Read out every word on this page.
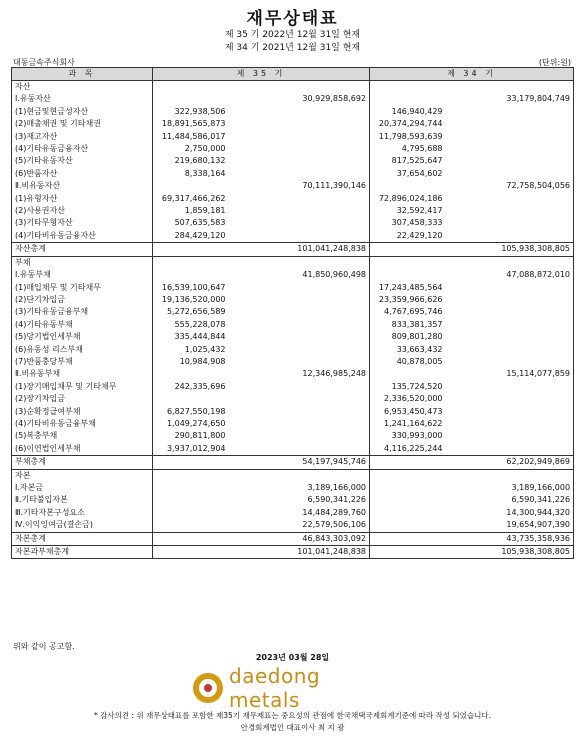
재무상태표
제 35 기 2022년 12월 31일 현재
제 34 기 2021년 12월 31일 현재
대동금속주식회사	(단위:원)
과 목	제 35 기		제 34 기	
자산				
Ⅰ.유동자산		30,929,858,692		33,179,804,749
(1)현금및현금성자산	322,938,506		146,940,429	
(2)매출채권 및 기타채권	18,891,565,873		20,374,294,744	
(3)재고자산	11,484,586,017		11,798,593,639	
(4)기타유동금융자산	2,750,000		4,795,688	
(5)기타유동자산	219,680,132		817,525,647	
(6)반품자산	8,338,164		37,654,602	
Ⅱ.비유동자산		70,111,390,146		72,758,504,056
(1)유형자산	69,317,466,262		72,896,024,186	
(2)사용권자산	1,859,181		32,592,417	
(3)기타무형자산	507,635,583		307,458,333	
(4)기타비유동금융자산	284,429,120		22,429,120	
자산총계		101,041,248,838		105,938,308,805
부채				
Ⅰ.유동부채		41,850,960,498		47,088,872,010
(1)매입채무 및 기타채무	16,539,100,647		17,243,485,564	
(2)단기차입금	19,136,520,000		23,359,966,626	
(3)기타유동금융부채	5,272,656,589		4,767,695,746	
(4)기타유동부채	555,228,078		833,381,357	
(5)당기법인세부채	335,444,844		809,801,280	
(6)유동성 리스부채	1,025,432		33,663,432	
(7)반품충당부채	10,984,908		40,878,005	
Ⅱ.비유동부채		12,346,985,248		15,114,077,859
(1)장기매입채무 및 기타채무	242,335,696		135,724,520	
(2)장기차입금			2,336,520,000	
(3)순확정급여부채	6,827,550,198		6,953,450,473	
(4)기타비유동금융부채	1,049,274,650		1,241,164,622	
(5)복충부채	290,811,800		330,993,000	
(6)이연법인세부채	3,937,012,904		4,116,225,244	
부채총계		54,197,945,746		62,202,949,869
자본				
Ⅰ.자본금		3,189,166,000		3,189,166,000
Ⅱ.기타불입자본		6,590,341,226		6,590,341,226
Ⅲ.기타자본구성요소		14,484,289,760		14,300,944,320
Ⅳ.이익잉여금(결손금)		22,579,506,106		19,654,907,390
자본총계		46,843,303,092		43,735,358,936
자본과부채총계		101,041,248,838		105,938,308,805
위와 같이 공고함.
2023년 03월 28일
daedong metals
* 감사의견 : 위 재무상태표를 포함한 제35기 재무제표는 중요성의 관점에 한국채택국제회계기준에 따라 작성 되었습니다.
안경회계법인 대표이사 최 지 광
